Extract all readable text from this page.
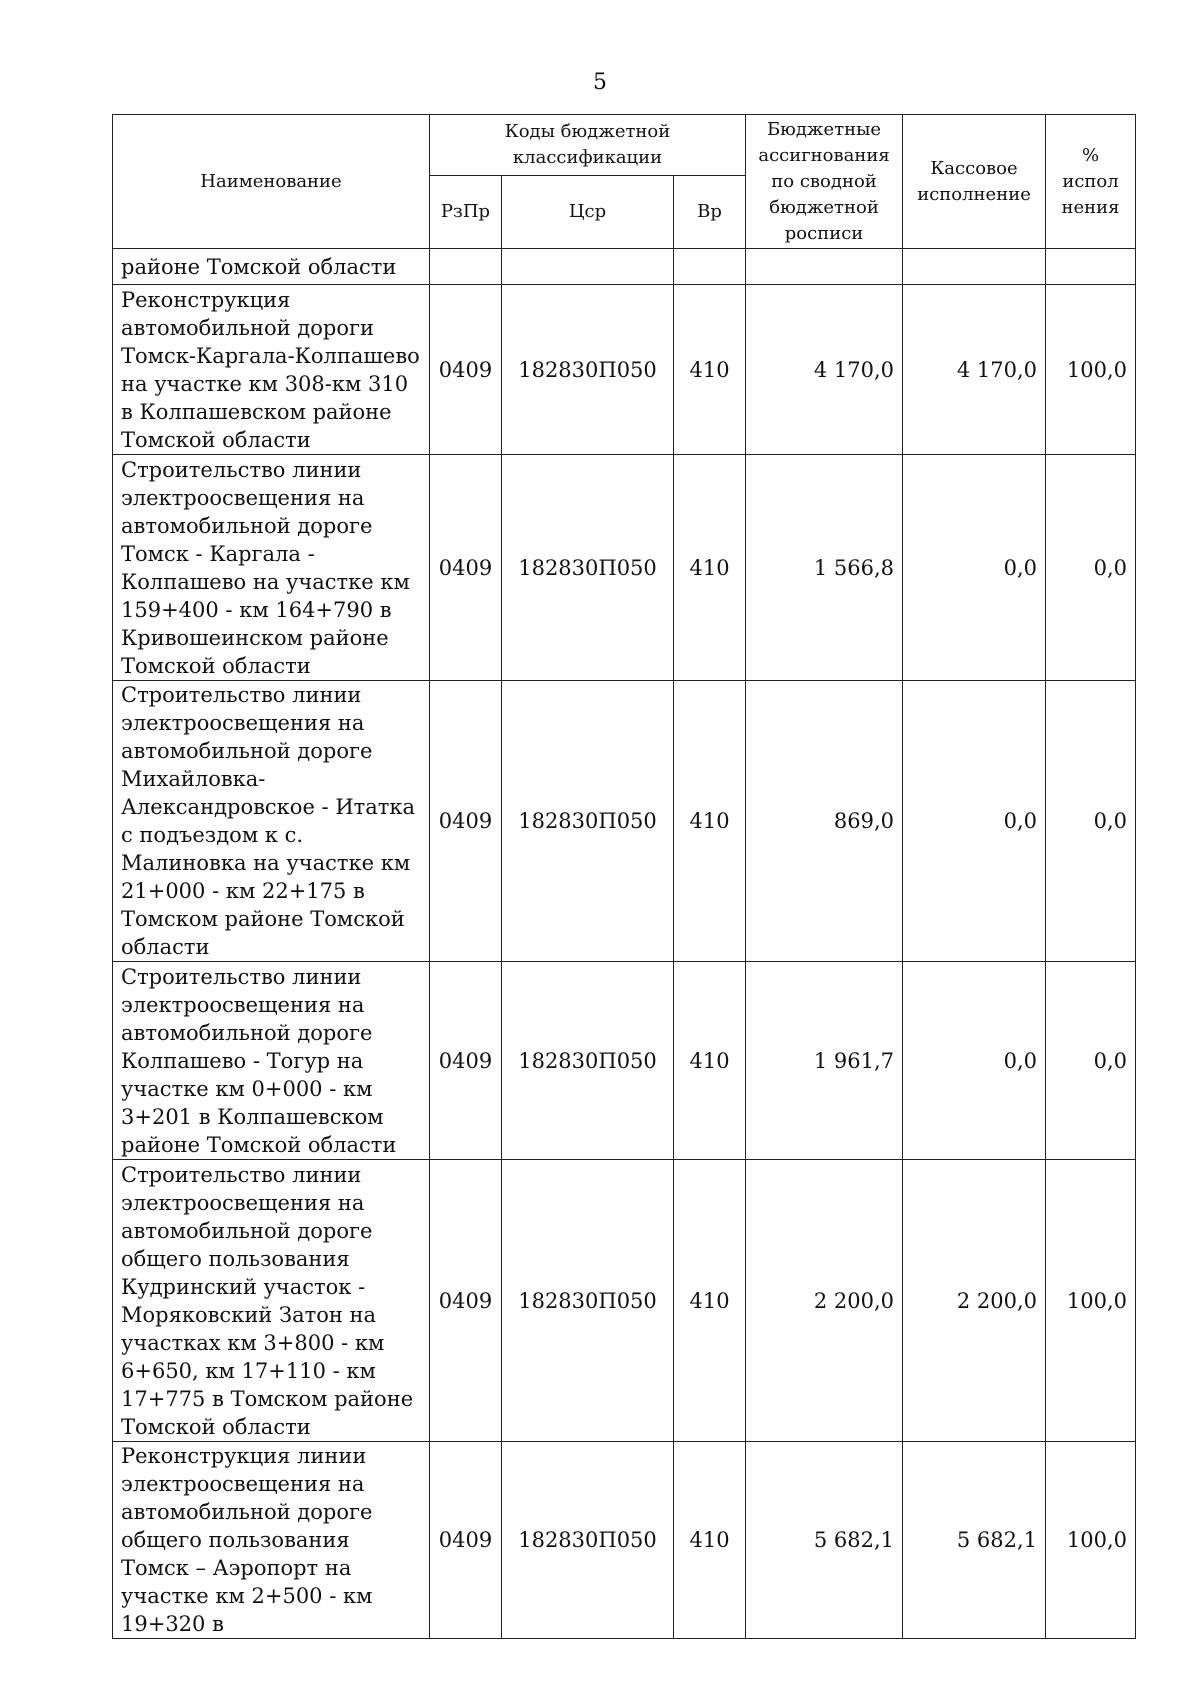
5
Наименование	Коды бюджетной классификации			Бюджетные ассигнования по сводной бюджетной росписи	Кассовое исполнение	% испол нения
	РзПр	Цср	Вр			
районе Томской области						
Реконструкция автомобильной дороги Томск-Каргала-Колпашево на участке км 308-км 310 в Колпашевском районе Томской области	0409	182830П050	410	4 170,0	4 170,0	100,0
Строительство линии электроосвещения на автомобильной дороге Томск - Каргала - Колпашево на участке км 159+400 - км 164+790 в Кривошеинском районе Томской области	0409	182830П050	410	1 566,8	0,0	0,0
Строительство линии электроосвещения на автомобильной дороге Михайловка-Александровское - Итатка с подъездом к с. Малиновка на участке км 21+000 - км 22+175 в Томском районе Томской области	0409	182830П050	410	869,0	0,0	0,0
Строительство линии электроосвещения на автомобильной дороге Колпашево - Тогур на участке км 0+000 - км 3+201 в Колпашевском районе Томской области	0409	182830П050	410	1 961,7	0,0	0,0
Строительство линии электроосвещения на автомобильной дороге общего пользования Кудринский участок - Моряковский Затон на участках км 3+800 - км 6+650, км 17+110 - км 17+775 в Томском районе Томской области	0409	182830П050	410	2 200,0	2 200,0	100,0
Реконструкция линии электроосвещения на автомобильной дороге общего пользования Томск – Аэропорт на участке км 2+500 - км 19+320 в	0409	182830П050	410	5 682,1	5 682,1	100,0
